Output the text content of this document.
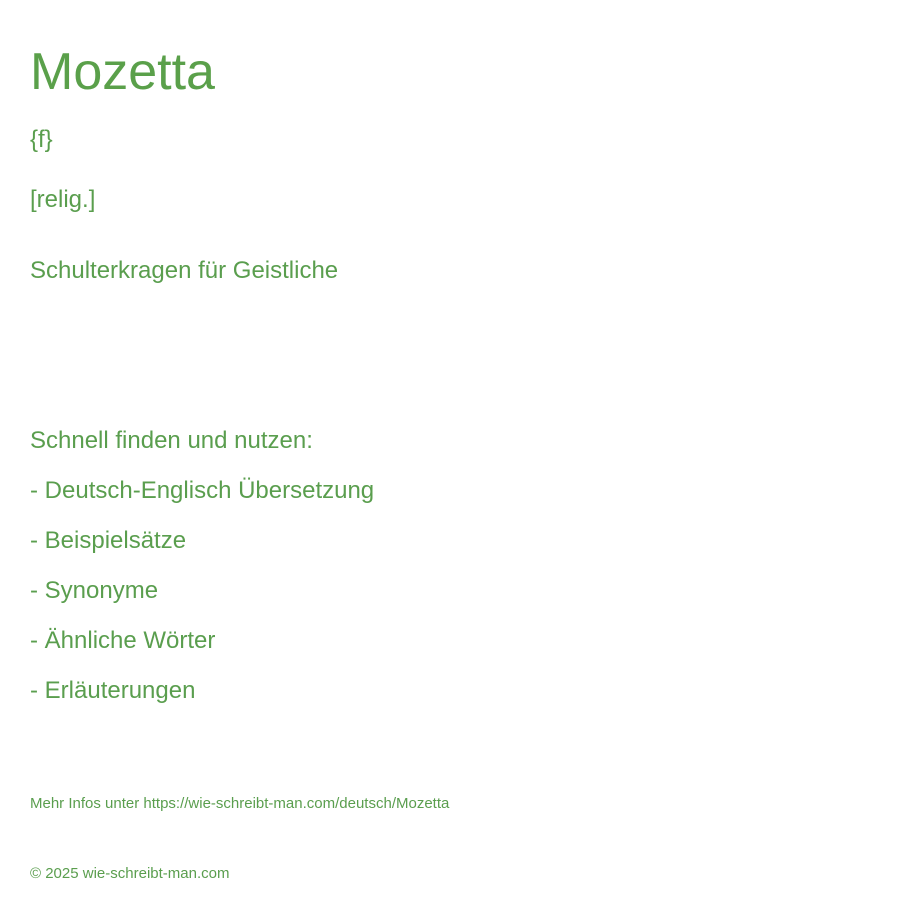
Mozetta
{f}
[relig.]
Schulterkragen für Geistliche
Schnell finden und nutzen:
- Deutsch-Englisch Übersetzung
- Beispielsätze
- Synonyme
- Ähnliche Wörter
- Erläuterungen
Mehr Infos unter https://wie-schreibt-man.com/deutsch/Mozetta
© 2025 wie-schreibt-man.com
